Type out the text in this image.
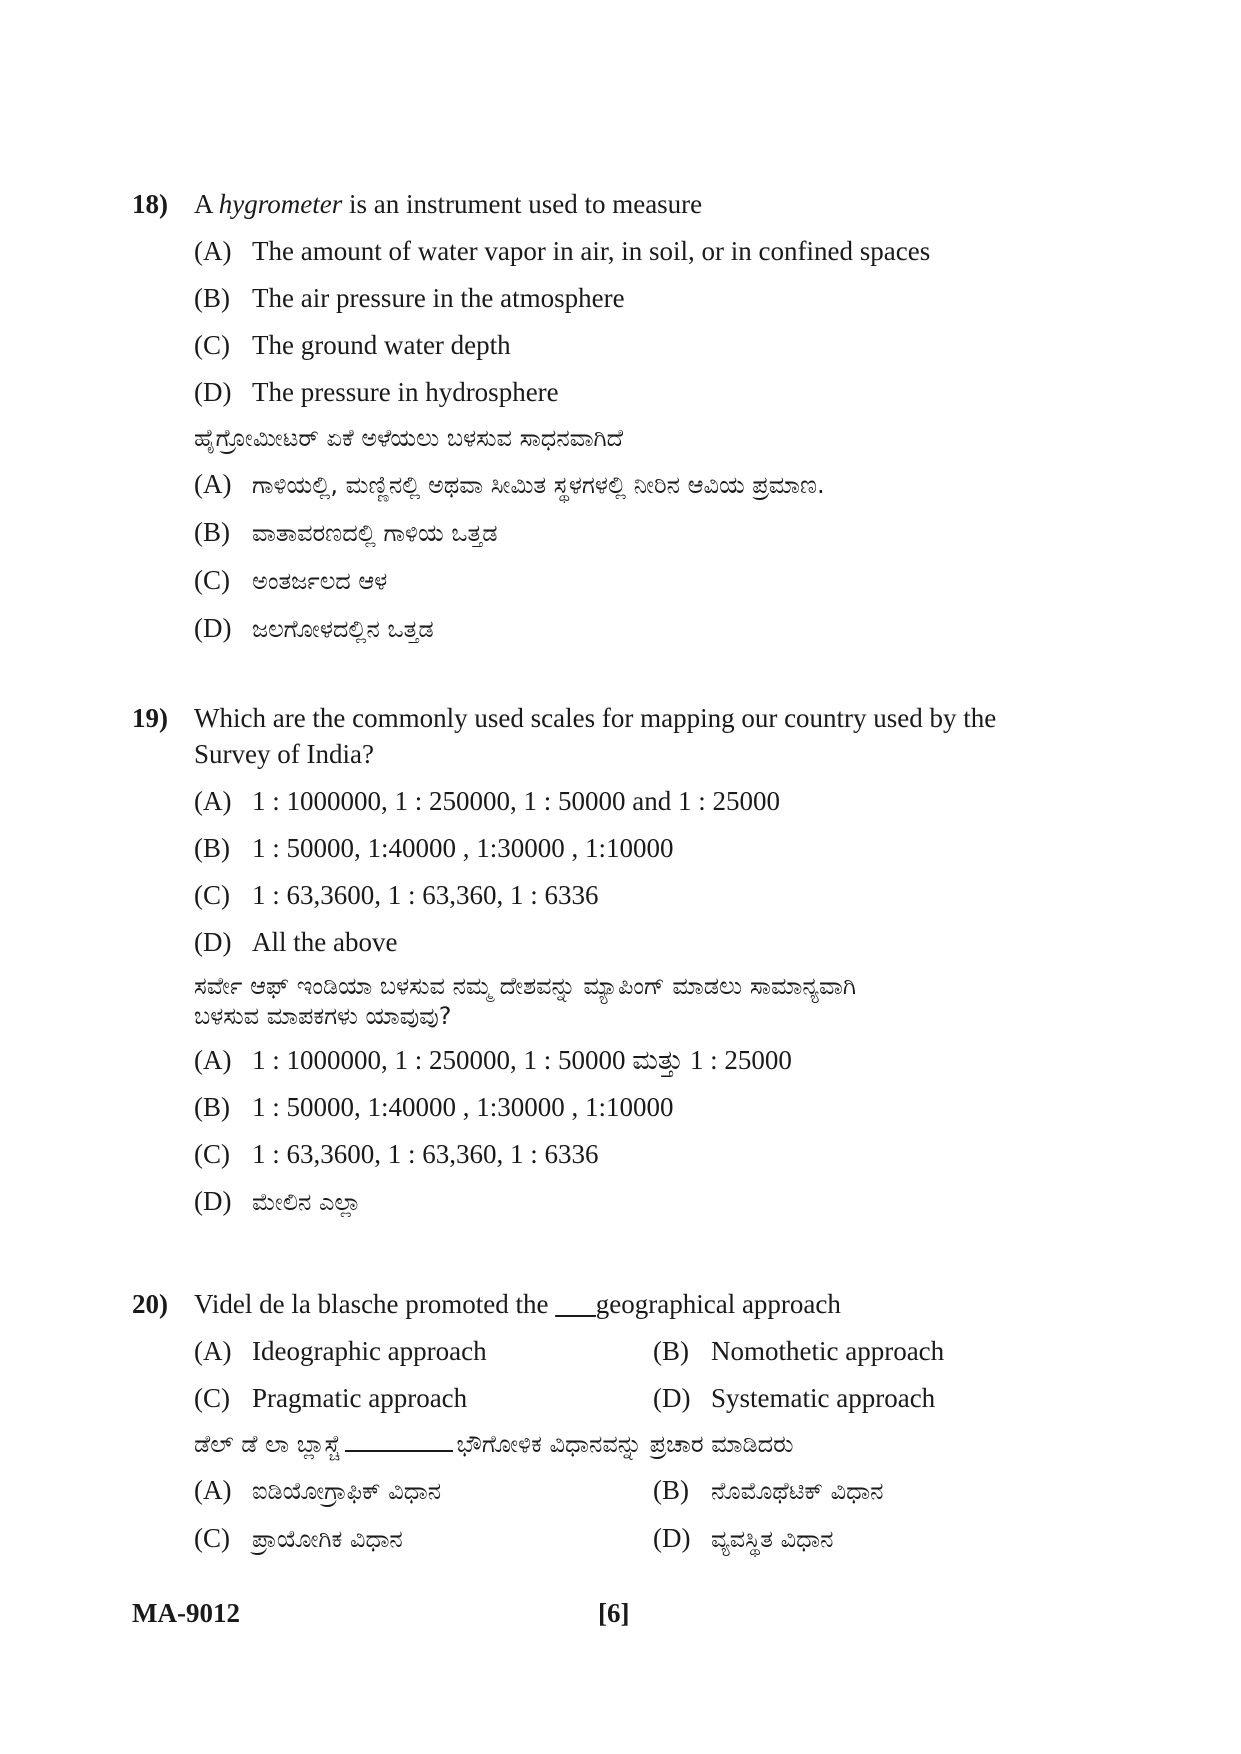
18) A hygrometer is an instrument used to measure
(A) The amount of water vapor in air, in soil, or in confined spaces
(B) The air pressure in the atmosphere
(C) The ground water depth
(D) The pressure in hydrosphere
ಹೈಗ್ರೋಮೀಟರ್ ಏಕೆ ಅಳೆಯಲು ಬಳಸುವ ಸಾಧನವಾಗಿದೆ
(A) ಗಾಳಿಯಲ್ಲಿ, ಮಣ್ಣಿನಲ್ಲಿ ಅಥವಾ ಸೀಮಿತ ಸ್ಥಳಗಳಲ್ಲಿ ನೀರಿನ ಆವಿಯ ಪ್ರಮಾಣ.
(B) ವಾತಾವರಣದಲ್ಲಿ ಗಾಳಿಯ ಒತ್ತಡ
(C) ಅಂತರ್ಜಲದ ಆಳ
(D) ಜಲಗೋಳದಲ್ಲಿನ ಒತ್ತಡ
19) Which are the commonly used scales for mapping our country used by the
Survey of India?
(A) 1 : 1000000, 1 : 250000, 1 : 50000 and 1 : 25000
(B) 1 : 50000, 1:40000 , 1:30000 , 1:10000
(C) 1 : 63,3600, 1 : 63,360, 1 : 6336
(D) All the above
ಸರ್ವೇ ಆಫ್ ಇಂಡಿಯಾ ಬಳಸುವ ನಮ್ಮ ದೇಶವನ್ನು ಮ್ಯಾಪಿಂಗ್ ಮಾಡಲು ಸಾಮಾನ್ಯವಾಗಿ
ಬಳಸುವ ಮಾಪಕಗಳು ಯಾವುವು?
(A) 1 : 1000000, 1 : 250000, 1 : 50000 ಮತ್ತು 1 : 25000
(B) 1 : 50000, 1:40000 , 1:30000 , 1:10000
(C) 1 : 63,3600, 1 : 63,360, 1 : 6336
(D) ಮೇಲಿನ ಎಲ್ಲಾ
20) Videl de la blasche promoted the ___geographical approach
(A) Ideographic approach	(B) Nomothetic approach
(C) Pragmatic approach	(D) Systematic approach
ಡೆಲ್ ಡೆ ಲಾ ಬ್ಲಾಸ್ಚೆ	ಭೌಗೋಳಿಕ ವಿಧಾನವನ್ನು ಪ್ರಚಾರ ಮಾಡಿದರು
(A) ಐಡಿಯೋಗ್ರಾಫಿಕ್ ವಿಧಾನ	(B) ನೊಮೊಥೆಟಿಕ್ ವಿಧಾನ
(C) ಪ್ರಾಯೋಗಿಕ ವಿಧಾನ	(D) ವ್ಯವಸ್ಥಿತ ವಿಧಾನ
MA-9012	[6]
